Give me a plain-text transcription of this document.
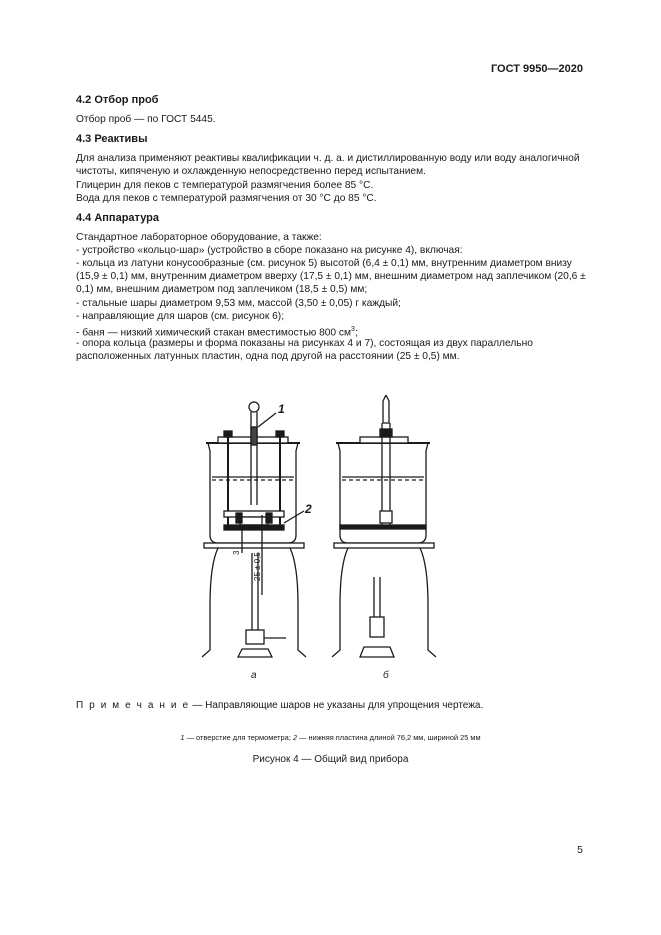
ГОСТ 9950—2020
4.2 Отбор проб
Отбор проб — по ГОСТ 5445.
4.3 Реактивы
Для анализа применяют реактивы квалификации ч. д. а. и дистиллированную воду или воду аналогичной чистоты, кипяченую и охлажденную непосредственно перед испытанием.
Глицерин для пеков с температурой размягчения более 85 °С.
Вода для пеков с температурой размягчения от 30 °С до 85 °С.
4.4 Аппаратура
Стандартное лабораторное оборудование, а также:
- устройство «кольцо-шар» (устройство в сборе показано на рисунке 4), включая:
- кольца из латуни конусообразные (см. рисунок 5) высотой (6,4 ± 0,1) мм, внутренним диаметром внизу (15,9 ± 0,1) мм, внутренним диаметром вверху (17,5 ± 0,1) мм, внешним диаметром над заплечиком (20,6 ± 0,1) мм, внешним диаметром под заплечиком (18,5 ± 0,5) мм;
- стальные шары диаметром 9,53 мм, массой (3,50 ± 0,05) г каждый;
- направляющие для шаров (см. рисунок 6);
- баня — низкий химический стакан вместимостью 800 $см^3$;
- опора кольца (размеры и форма показаны на рисунках 4 и 7), состоящая из двух параллельно расположенных латунных пластин, одна под другой на расстоянии (25 ± 0,5) мм.
1
2
3 25 ± 0,5
а	б
П р и м е ч а н и е — Направляющие шаров не указаны для упрощения чертежа.
1 — отверстие для термометра; 2 — нижняя пластина длиной 76,2 мм, шириной 25 мм
Рисунок 4 — Общий вид прибора
5
